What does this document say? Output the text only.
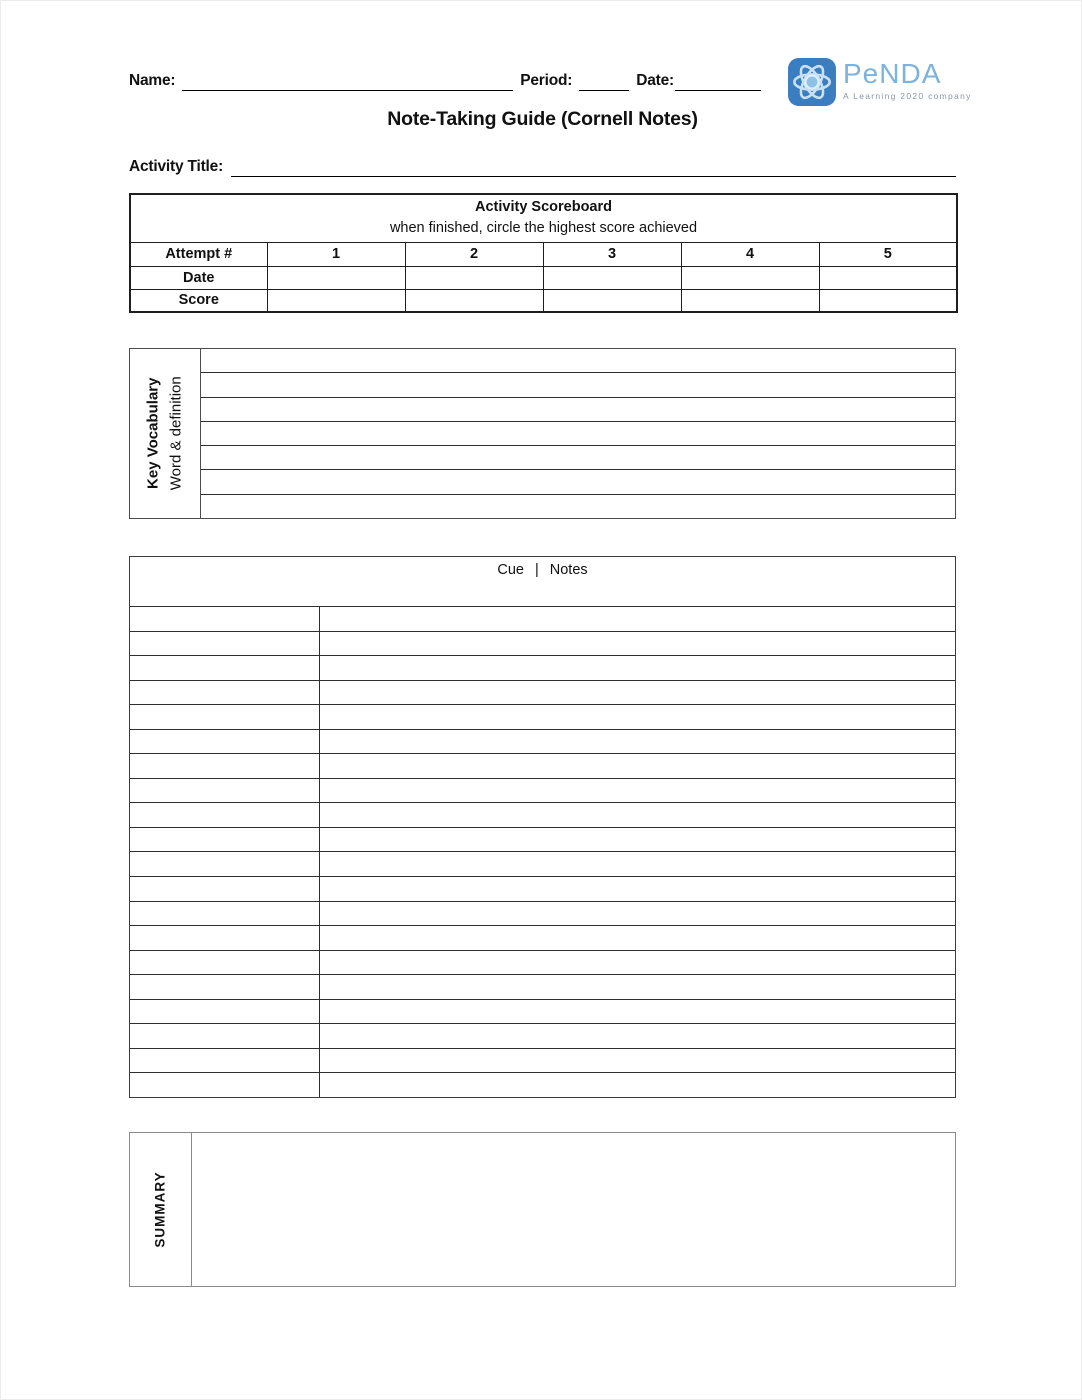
Name:	Period:	Date:	PeNDA
A Learning 2020 company
Note-Taking Guide (Cornell Notes)
Activity Title:
Activity Scoreboard
when finished, circle the highest score achieved					

Attempt #	1	2	3	4	5
Date					
Score					
Key Vocabulary Word & definition
Cue | Notes
SUMMARY
